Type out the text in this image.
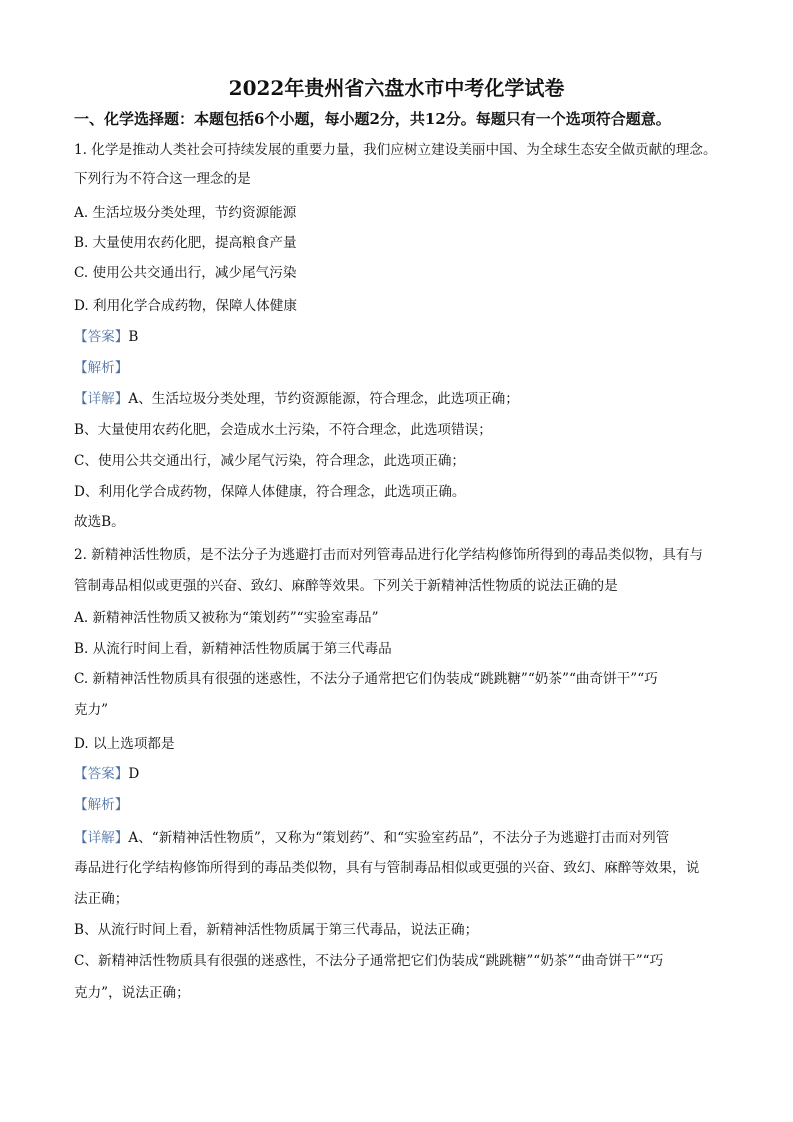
2022年贵州省六盘水市中考化学试卷
一、化学选择题：本题包括6个小题，每小题2分，共12分。每题只有一个选项符合题意。
1. 化学是推动人类社会可持续发展的重要力量，我们应树立建设美丽中国、为全球生态安全做贡献的理念。
下列行为不符合这一理念的是
A. 生活垃圾分类处理，节约资源能源
B. 大量使用农药化肥，提高粮食产量
C. 使用公共交通出行，减少尾气污染
D. 利用化学合成药物，保障人体健康
【答案】B
【解析】
【详解】A、生活垃圾分类处理，节约资源能源，符合理念，此选项正确；
B、大量使用农药化肥，会造成水土污染，不符合理念，此选项错误；
C、使用公共交通出行，减少尾气污染，符合理念，此选项正确；
D、利用化学合成药物，保障人体健康，符合理念，此选项正确。
故选B。
2. 新精神活性物质，是不法分子为逃避打击而对列管毒品进行化学结构修饰所得到的毒品类似物，具有与
管制毒品相似或更强的兴奋、致幻、麻醉等效果。下列关于新精神活性物质的说法正确的是
A. 新精神活性物质又被称为“策划药”“实验室毒品”
B. 从流行时间上看，新精神活性物质属于第三代毒品
C. 新精神活性物质具有很强的迷惑性，不法分子通常把它们伪装成“跳跳糖”“奶茶”“曲奇饼干”“巧
克力”
D. 以上选项都是
【答案】D
【解析】
【详解】A、“新精神活性物质”，又称为“策划药”、和“实验室药品”，不法分子为逃避打击而对列管
毒品进行化学结构修饰所得到的毒品类似物，具有与管制毒品相似或更强的兴奋、致幻、麻醉等效果，说
法正确；
B、从流行时间上看，新精神活性物质属于第三代毒品，说法正确；
C、新精神活性物质具有很强的迷惑性，不法分子通常把它们伪装成“跳跳糖”“奶茶”“曲奇饼干”“巧
克力”，说法正确；
